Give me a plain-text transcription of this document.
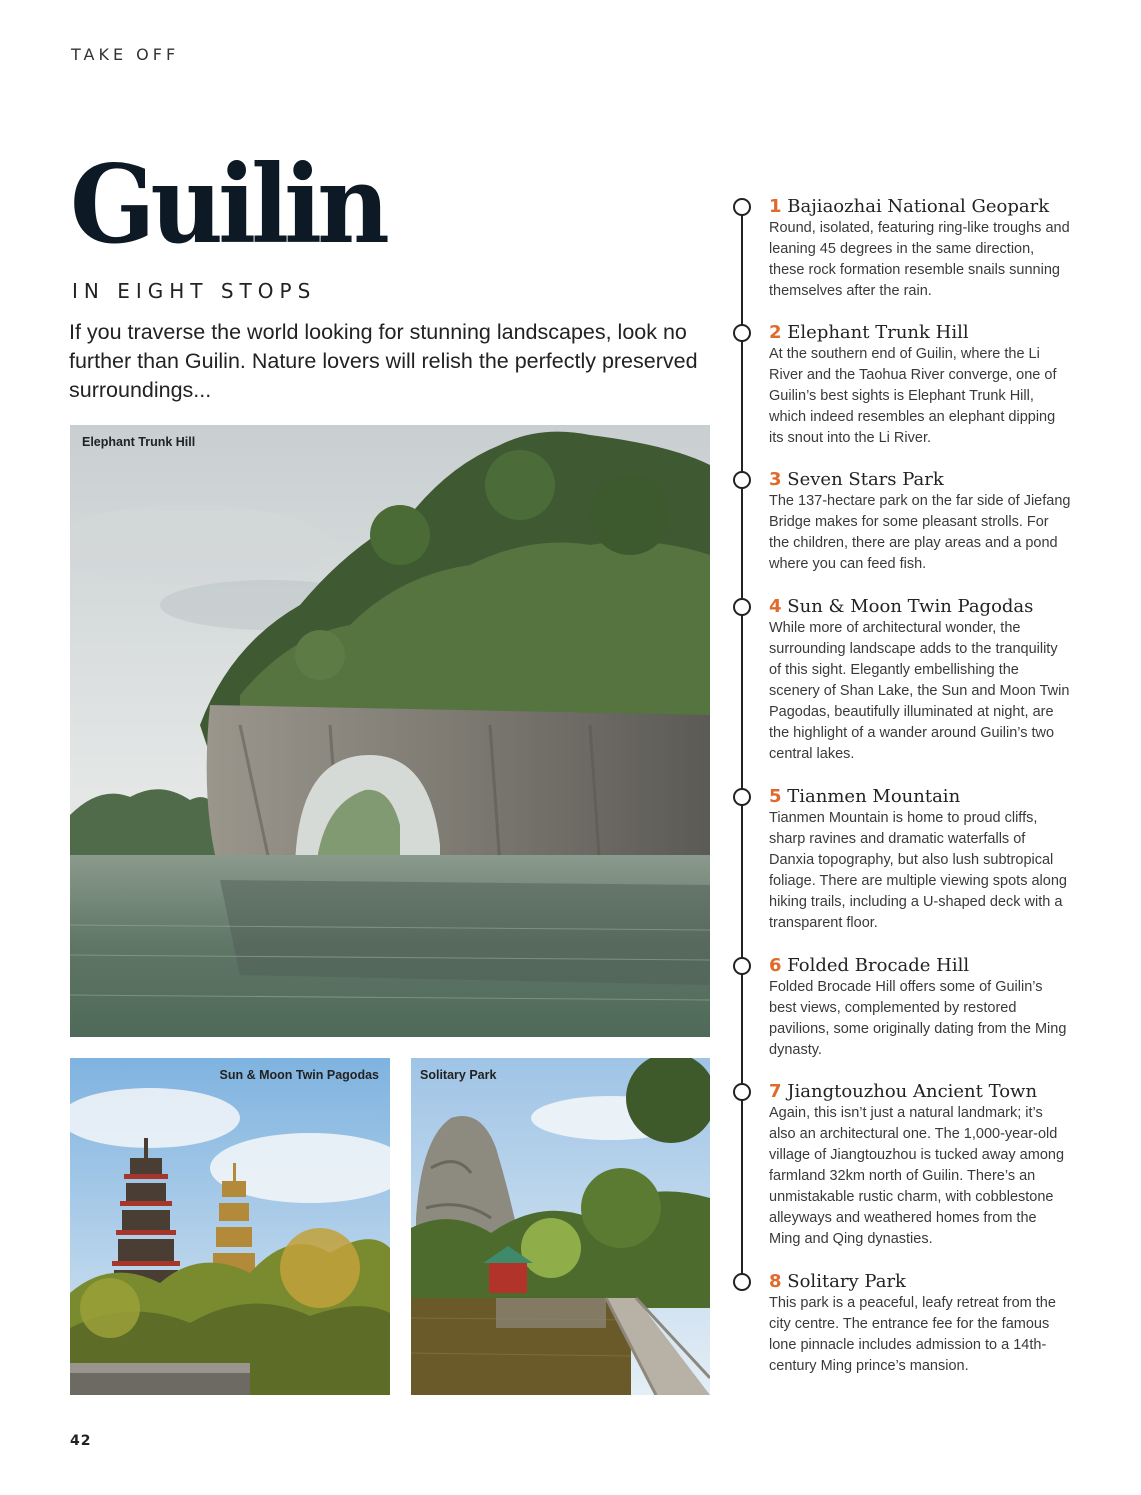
TAKE OFF
Guilin
IN EIGHT STOPS

If you traverse the world looking for stunning landscapes, look no further than Guilin. Nature lovers will relish the perfectly preserved surroundings...

Elephant Trunk Hill
Sun & Moon Twin Pagodas	Solitary Park
1 Bajiaozhai National Geopark
Round, isolated, featuring ring-like troughs and leaning 45 degrees in the same direction, these rock formation resemble snails sunning themselves after the rain.
2 Elephant Trunk Hill
At the southern end of Guilin, where the Li River and the Taohua River converge, one of Guilin’s best sights is Elephant Trunk Hill, which indeed resembles an elephant dipping its snout into the Li River.
3 Seven Stars Park
The 137-hectare park on the far side of Jiefang Bridge makes for some pleasant strolls. For the children, there are play areas and a pond where you can feed fish.
4 Sun & Moon Twin Pagodas
While more of architectural wonder, the surrounding landscape adds to the tranquility of this sight. Elegantly embellishing the scenery of Shan Lake, the Sun and Moon Twin Pagodas, beautifully illuminated at night, are the highlight of a wander around Guilin’s two central lakes.
5 Tianmen Mountain
Tianmen Mountain is home to proud cliffs, sharp ravines and dramatic waterfalls of Danxia topography, but also lush subtropical foliage. There are multiple viewing spots along hiking trails, including a U-shaped deck with a transparent floor.
6 Folded Brocade Hill
Folded Brocade Hill offers some of Guilin’s best views, complemented by restored pavilions, some originally dating from the Ming dynasty.
7 Jiangtouzhou Ancient Town
Again, this isn’t just a natural landmark; it’s also an architectural one. The 1,000-year-old village of Jiangtouzhou is tucked away among farmland 32km north of Guilin. There’s an unmistakable rustic charm, with cobblestone alleyways and weathered homes from the Ming and Qing dynasties.
8 Solitary Park
This park is a peaceful, leafy retreat from the city centre. The entrance fee for the famous lone pinnacle includes admission to a 14th-century Ming prince’s mansion.
42
